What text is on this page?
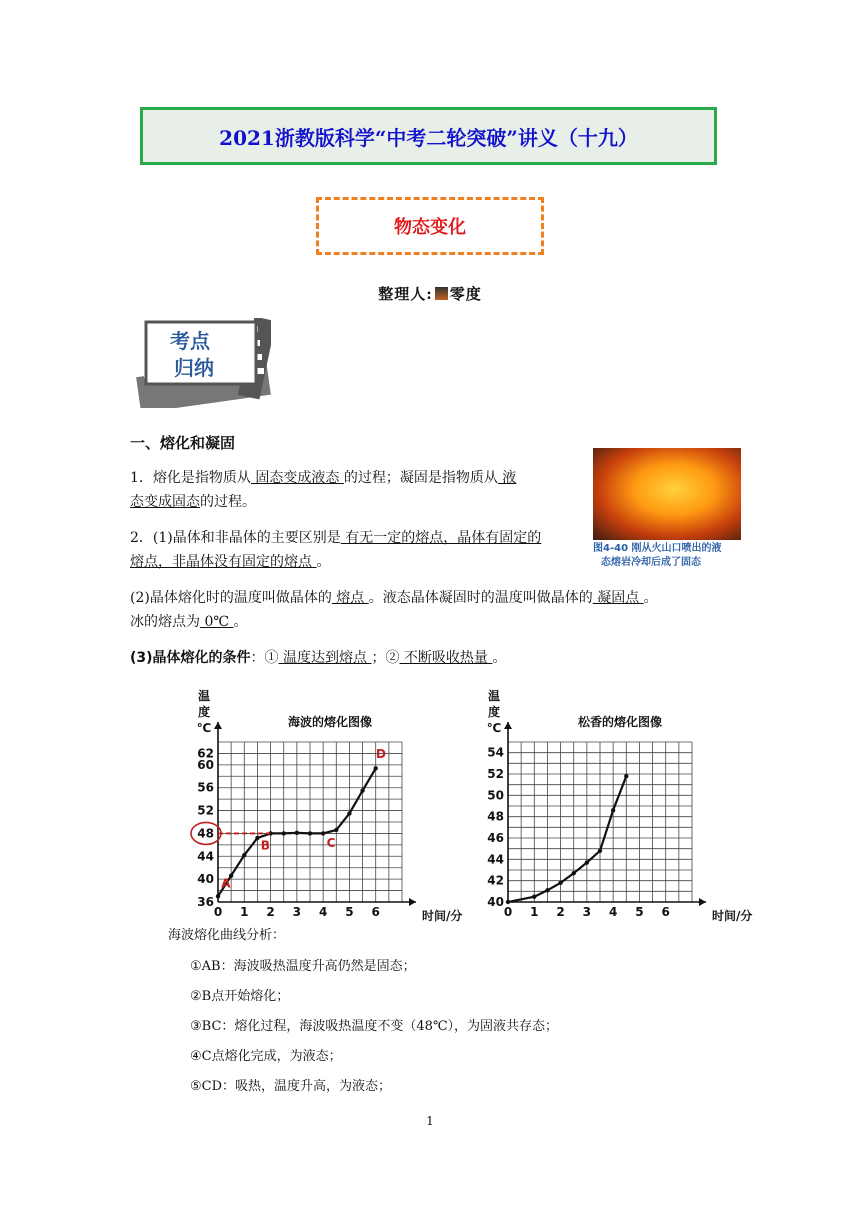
2021浙教版科学“中考二轮突破”讲义（十九）
物态变化
整理人: 零度
考点
归纳
一、熔化和凝固
1．熔化是指物质从 固态变成液态 的过程；凝固是指物质从 液
态变成固态的过程。
2．(1)晶体和非晶体的主要区别是 有无一定的熔点，晶体有固定的
熔点，非晶体没有固定的熔点 。
图4-40 刚从火山口喷出的液
态熔岩冷却后成了固态
(2)晶体熔化时的温度叫做晶体的 熔点 。液态晶体凝固时的温度叫做晶体的 凝固点 。
冰的熔点为 0℃ 。
(3)晶体熔化的条件：① 温度达到熔点 ；② 不断吸收热量 。
0 1 2 3 4 5 6
36
40
44
48
52
56
60
62
温
度
℃
时间/分
海波的熔化图像
A
B	C
D
0 1 2 3 4 5 6
40
42
44
46
48
50
52
54
温
度
℃
时间/分
松香的熔化图像
海波熔化曲线分析：
①AB：海波吸热温度升高仍然是固态；
②B点开始熔化；
③BC：熔化过程，海波吸热温度不变（48℃），为固液共存态；
④C点熔化完成，为液态；
⑤CD：吸热，温度升高，为液态；
1
